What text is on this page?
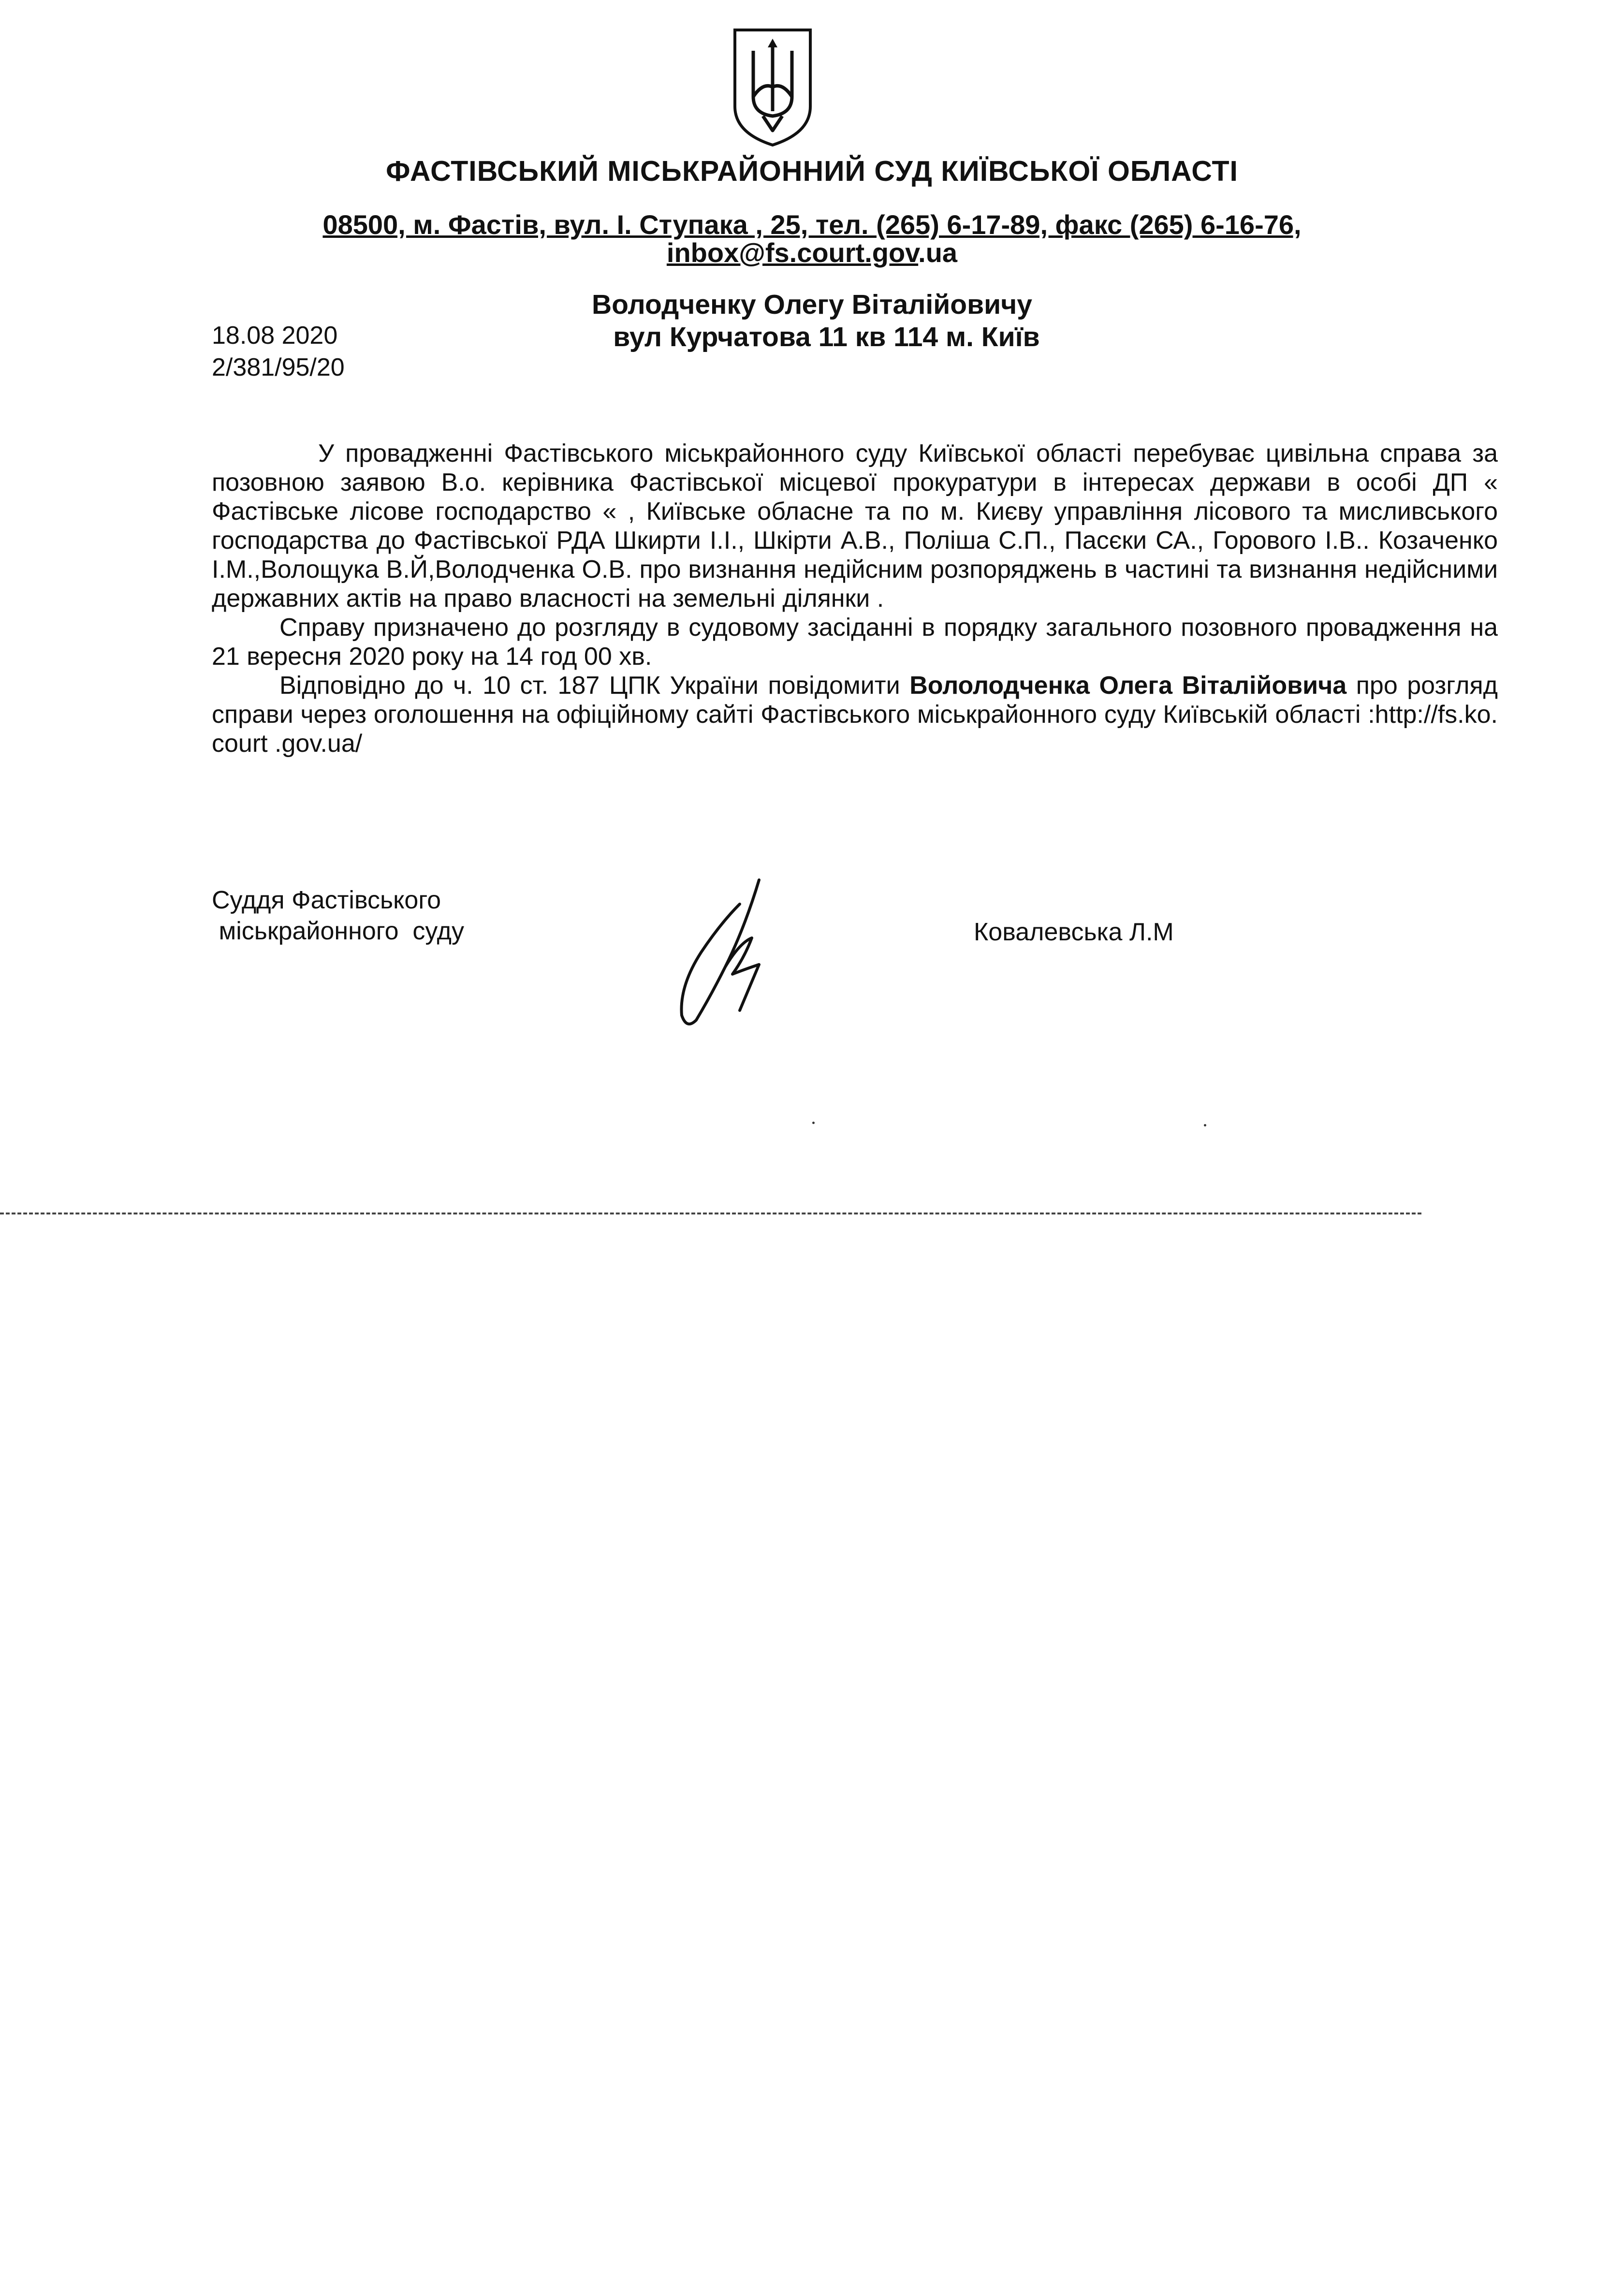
ФАСТІВСЬКИЙ МІСЬКРАЙОННИЙ СУД КИЇВСЬКОЇ ОБЛАСТІ
08500, м. Фастів, вул. І. Ступака , 25, тел. (265) 6-17-89, факс (265) 6-16-76,
inbox@fs.court.gov.ua
Володченку Олегу Віталійовичу
вул Курчатова 11 кв 114 м. Київ
18.08 2020
2/381/95/20

У провадженні Фастівського міськрайонного суду Київської області перебуває цивільна справа за позовною заявою В.о. керівника Фастівської місцевої прокуратури в інтересах держави в особі ДП « Фастівське лісове господарство « , Київське обласне та по м. Києву управління лісового та мисливського господарства до Фастівської РДА Шкирти І.І., Шкірти А.В., Поліша С.П., Пасєки СА., Горового І.В.. Козаченко І.М.,Волощука В.Й,Володченка О.В. про визнання недійсним розпоряджень в частині та визнання недійсними державних актів на право власності на земельні ділянки .

Справу призначено до розгляду в судовому засіданні в порядку загального позовного провадження на 21 вересня 2020 року на 14 год 00 хв.

Відповідно до ч. 10 ст. 187 ЦПК України повідомити Вололодченка Олега Віталійовича про розгляд справи через оголошення на офіційному сайті Фастівського міськрайонного суду Київській області :http://fs.ko. court .gov.ua/

Суддя Фастівського
міськрайонного  суду	Ковалевська Л.М
